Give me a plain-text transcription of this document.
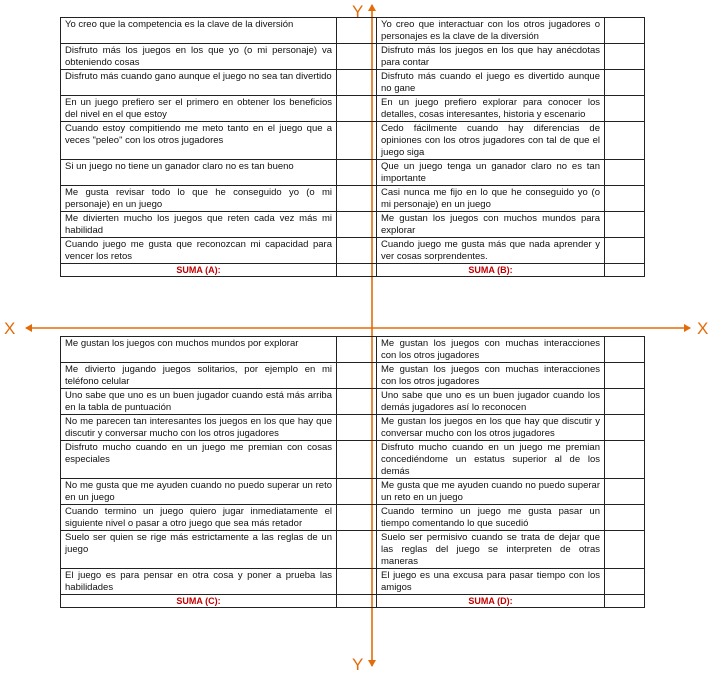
Y
Y
X	X
Yo creo que la competencia es la clave de la diversión		Yo creo que interactuar con los otros jugadores o personajes es la clave de la diversión	
Disfruto más los juegos en los que yo (o mi personaje) va obteniendo cosas		Disfruto más los juegos en los que hay anécdotas para contar	
Disfruto más cuando gano aunque el juego no sea tan divertido		Disfruto más cuando el juego es divertido aunque no gane	
En un juego prefiero ser el primero en obtener los beneficios del nivel en el que estoy		En un juego prefiero explorar para conocer los detalles, cosas interesantes, historia y escenario	
Cuando estoy compitiendo me meto tanto en el juego que a veces "peleo" con los otros jugadores		Cedo fácilmente cuando hay diferencias de opiniones con los otros jugadores con tal de que el juego siga	
Si un juego no tiene un ganador claro no es tan bueno		Que un juego tenga un ganador claro no es tan importante	
Me gusta revisar todo lo que he conseguido yo (o mi personaje) en un juego		Casi nunca me fijo en lo que he conseguido yo (o mi personaje) en un juego	
Me divierten mucho los juegos que reten cada vez más mi habilidad		Me gustan los juegos con muchos mundos para explorar	
Cuando juego me gusta que reconozcan mi capacidad para vencer los retos		Cuando juego me gusta más que nada aprender y ver cosas sorprendentes.	
SUMA (A):		SUMA (B):	
Me gustan los juegos con muchos mundos por explorar		Me gustan los juegos con muchas interacciones con los otros jugadores	
Me divierto jugando juegos solitarios, por ejemplo en mi teléfono celular		Me gustan los juegos con muchas interacciones con los otros jugadores	
Uno sabe que uno es un buen jugador cuando está más arriba en la tabla de puntuación		Uno sabe que uno es un buen jugador cuando los demás jugadores así lo reconocen	
No me parecen tan interesantes los juegos en los que hay que discutir y conversar mucho con los otros jugadores		Me gustan los juegos en los que hay que discutir y conversar mucho con los otros jugadores	
Disfruto mucho cuando en un juego me premian con cosas especiales		Disfruto mucho cuando en un juego me premian concediéndome un estatus superior al de los demás	
No me gusta que me ayuden cuando no puedo superar un reto en un juego		Me gusta que me ayuden cuando no puedo superar un reto en un juego	
Cuando termino un juego quiero jugar inmediatamente el siguiente nivel o pasar a otro juego que sea más retador		Cuando termino un juego me gusta pasar un tiempo comentando lo que sucedió	
Suelo ser quien se rige más estrictamente a las reglas de un juego		Suelo ser permisivo cuando se trata de dejar que las reglas del juego se interpreten de otras maneras	
El juego es para pensar en otra cosa y poner a prueba las habilidades		El juego es una excusa para pasar tiempo con los amigos	
SUMA (C):		SUMA (D):	
